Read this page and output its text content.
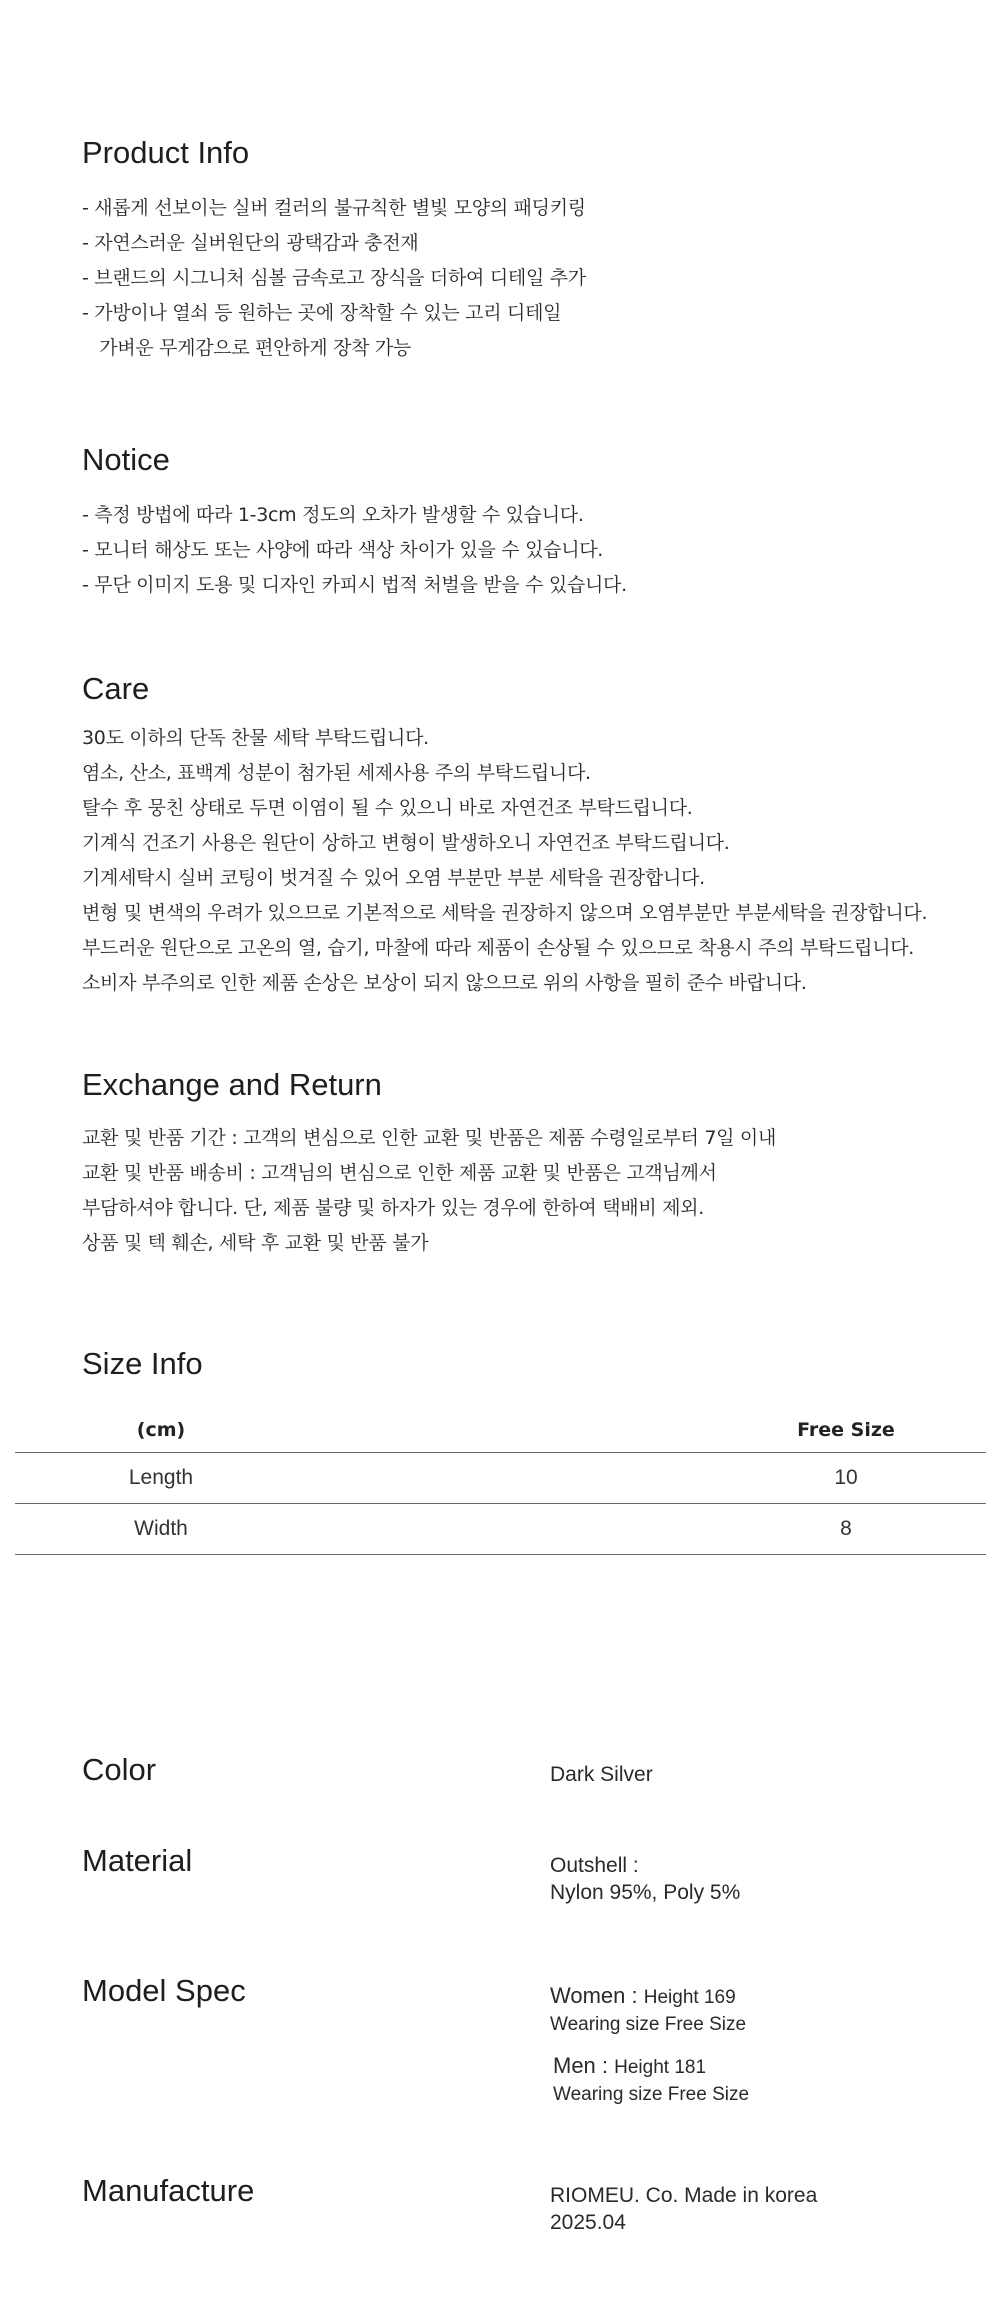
Product Info
- 새롭게 선보이는 실버 컬러의 불규칙한 별빛 모양의 패딩키링
- 자연스러운 실버원단의 광택감과 충전재
- 브랜드의 시그니처 심볼 금속로고 장식을 더하여 디테일 추가
- 가방이나 열쇠 등 원하는 곳에 장착할 수 있는 고리 디테일
가벼운 무게감으로 편안하게 장착 가능
Notice
- 측정 방법에 따라 1-3cm 정도의 오차가 발생할 수 있습니다.
- 모니터 해상도 또는 사양에 따라 색상 차이가 있을 수 있습니다.
- 무단 이미지 도용 및 디자인 카피시 법적 처벌을 받을 수 있습니다.
Care
30도 이하의 단독 찬물 세탁 부탁드립니다.
염소, 산소, 표백계 성분이 첨가된 세제사용 주의 부탁드립니다.
탈수 후 뭉친 상태로 두면 이염이 될 수 있으니 바로 자연건조 부탁드립니다.
기계식 건조기 사용은 원단이 상하고 변형이 발생하오니 자연건조 부탁드립니다.
기계세탁시 실버 코팅이 벗겨질 수 있어 오염 부분만 부분 세탁을 권장합니다.
변형 및 변색의 우려가 있으므로 기본적으로 세탁을 권장하지 않으며 오염부분만 부분세탁을 권장합니다.
부드러운 원단으로 고온의 열, 습기, 마찰에 따라 제품이 손상될 수 있으므로 착용시 주의 부탁드립니다.
소비자 부주의로 인한 제품 손상은 보상이 되지 않으므로 위의 사항을 필히 준수 바랍니다.
Exchange and Return
교환 및 반품 기간 : 고객의 변심으로 인한 교환 및 반품은 제품 수령일로부터 7일 이내
교환 및 반품 배송비 : 고객님의 변심으로 인한 제품 교환 및 반품은 고객님께서
부담하셔야 합니다. 단, 제품 불량 및 하자가 있는 경우에 한하여 택배비 제외.
상품 및 텍 훼손, 세탁 후 교환 및 반품 불가
Size Info
(cm)	Free Size
Length	10
Width	8
Color	Dark Silver
Material	Outshell :
Nylon 95%, Poly 5%
Model Spec	Women : Height 169
Wearing size Free Size
Men : Height 181
Wearing size Free Size
Manufacture	RIOMEU. Co. Made in korea
2025.04
